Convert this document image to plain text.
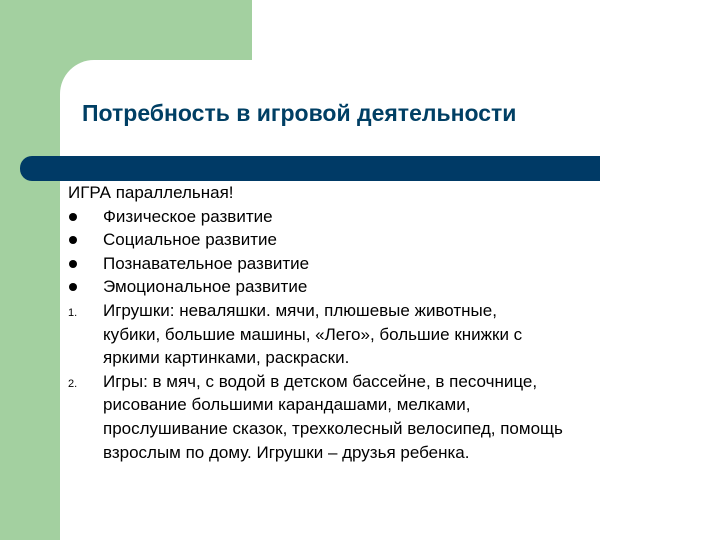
Потребность в игровой деятельности
ИГРА параллельная!
Физическое развитие
Социальное развитие
Познавательное развитие
Эмоциональное развитие
1.	Игрушки: неваляшки. мячи, плюшевые животные,
кубики, большие машины, «Лего», большие книжки с
яркими картинками, раскраски.
2.	Игры: в мяч, с водой в детском бассейне, в песочнице,
рисование большими карандашами, мелками,
прослушивание сказок, трехколесный велосипед, помощь
взрослым по дому. Игрушки – друзья ребенка.
